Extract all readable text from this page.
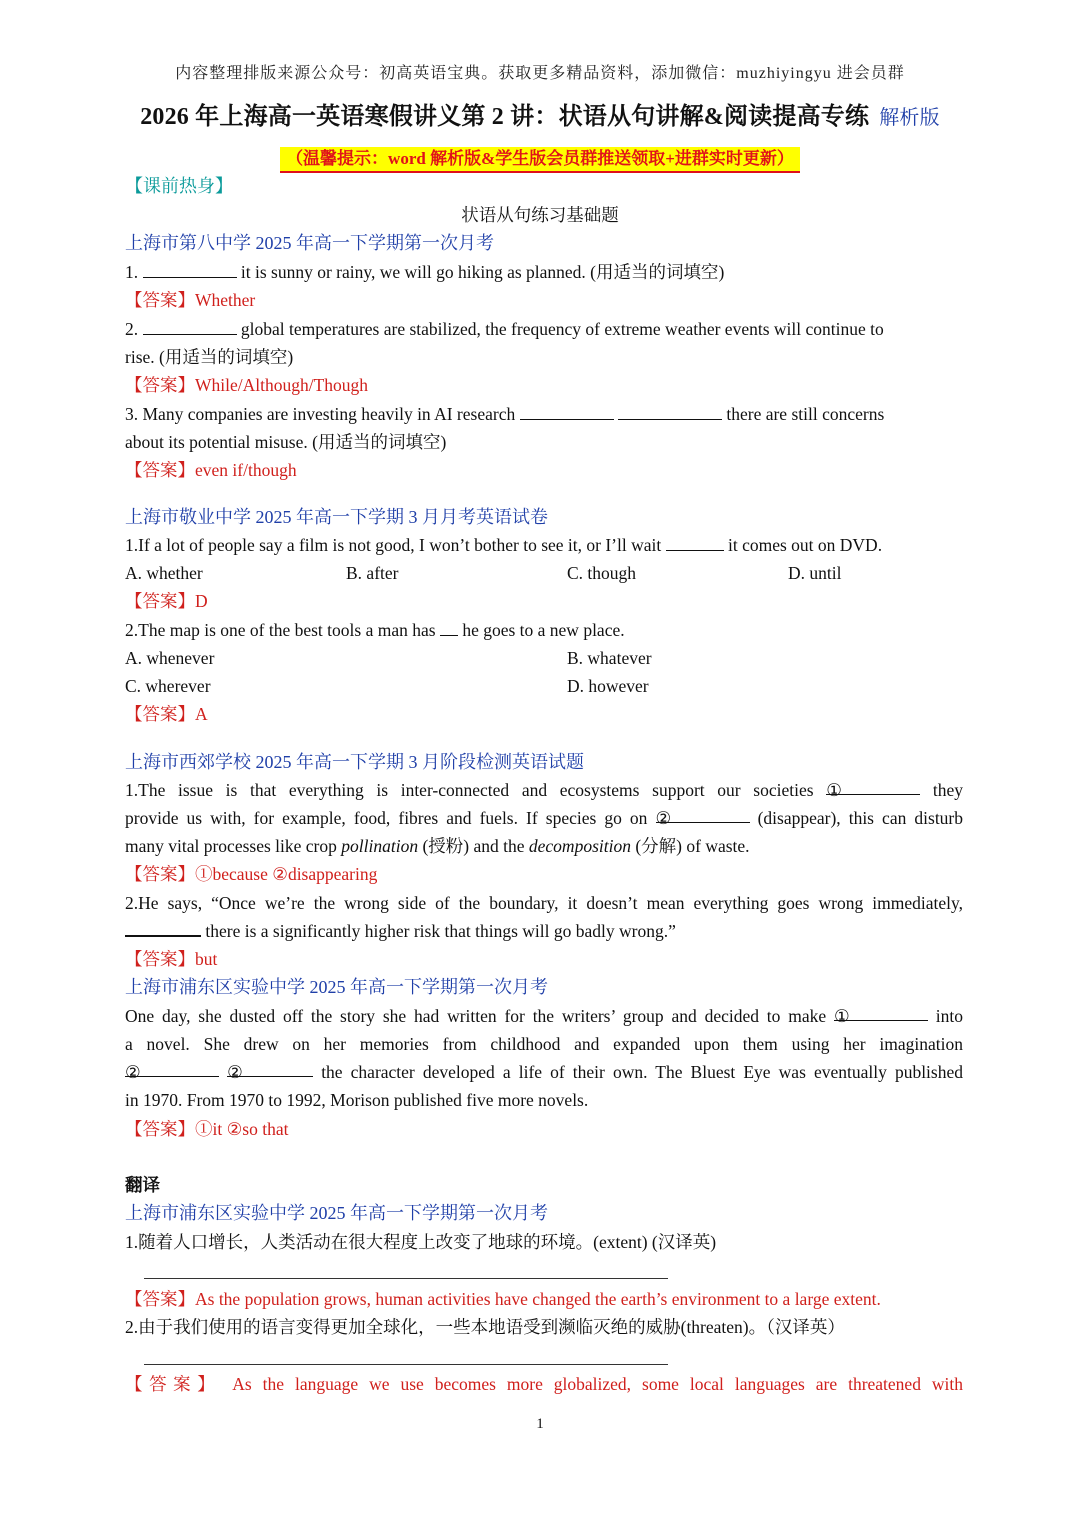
内容整理排版来源公众号：初高英语宝典。获取更多精品资料，添加微信：muzhiyingyu 进会员群
2026 年上海高一英语寒假讲义第 2 讲：状语从句讲解&阅读提高专练 解析版
（温馨提示：word 解析版&学生版会员群推送领取+进群实时更新）
【课前热身】
状语从句练习基础题
上海市第八中学 2025 年高一下学期第一次月考
1.	it is sunny or rainy, we will go hiking as planned. (用适当的词填空)
【答案】Whether
2.	global temperatures are stabilized, the frequency of extreme weather events will continue to
rise. (用适当的词填空)
【答案】While/Although/Though
3. Many companies are investing heavily in AI research	there are still concerns
about its potential misuse. (用适当的词填空)
【答案】even if/though
上海市敬业中学 2025 年高一下学期 3 月月考英语试卷
1.If a lot of people say a film is not good, I won’t bother to see it, or I’ll wait	it comes out on DVD.
A. whether	B. after	C. though	D. until
【答案】D
2.The map is one of the best tools a man has he goes to a new place.
A. whenever	B. whatever
C. wherever	D. however
【答案】A
上海市西郊学校 2025 年高一下学期 3 月阶段检测英语试题
1.The issue is that everything is inter-connected and ecosystems support our societies ①	they
provide us with, for example, food, fibres and fuels. If species go on ②	(disappear), this can disturb
many vital processes like crop pollination (授粉) and the decomposition (分解) of waste.
【答案】①because ②disappearing
2.He says, “Once we’re the wrong side of the boundary, it doesn’t mean everything goes wrong immediately,
there is a significantly higher risk that things will go badly wrong.”
【答案】but
上海市浦东区实验中学 2025 年高一下学期第一次月考
One day, she dusted off the story she had written for the writers’ group and decided to make ①	into
a novel. She drew on her memories from childhood and expanded upon them using her imagination
②	②	the character developed a life of their own. The Bluest Eye was eventually published
in 1970. From 1970 to 1992, Morison published five more novels.
【答案】①it ②so that
翻译
上海市浦东区实验中学 2025 年高一下学期第一次月考
1.随着人口增长，人类活动在很大程度上改变了地球的环境。(extent) (汉译英)
【答案】As the population grows, human activities have changed the earth’s environment to a large extent.
2.由于我们使用的语言变得更加全球化，一些本地语受到濒临灭绝的威胁(threaten)。（汉译英）
【答案】 As the language we use becomes more globalized, some local languages are threatened with
1
